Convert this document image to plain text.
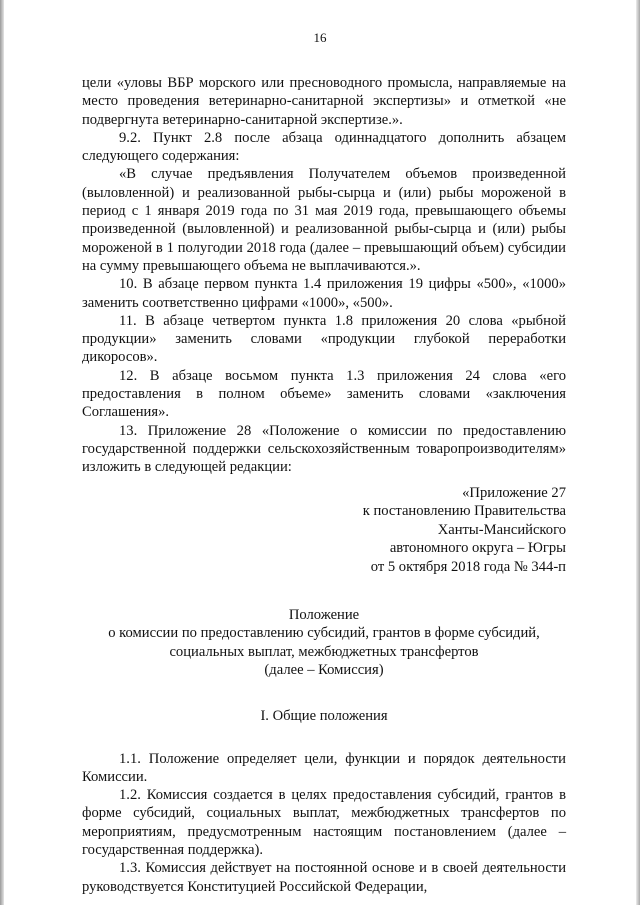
16

цели «уловы ВБР морского или пресноводного промысла, направляемые на место проведения ветеринарно-санитарной экспертизы» и отметкой «не подвергнута ветеринарно-санитарной экспертизе.».

9.2. Пункт 2.8 после абзаца одиннадцатого дополнить абзацем следующего содержания:

«В случае предъявления Получателем объемов произведенной (выловленной) и реализованной рыбы-сырца и (или) рыбы мороженой в период с 1 января 2019 года по 31 мая 2019 года, превышающего объемы произведенной (выловленной) и реализованной рыбы-сырца и (или) рыбы мороженой в 1 полугодии 2018 года (далее – превышающий объем) субсидии на сумму превышающего объема не выплачиваются.».

10. В абзаце первом пункта 1.4 приложения 19 цифры «500», «1000» заменить соответственно цифрами «1000», «500».

11. В абзаце четвертом пункта 1.8 приложения 20 слова «рыбной продукции» заменить словами «продукции глубокой переработки дикоросов».

12. В абзаце восьмом пункта 1.3 приложения 24 слова «его предоставления в полном объеме» заменить словами «заключения Соглашения».

13. Приложение 28 «Положение о комиссии по предоставлению государственной поддержки сельскохозяйственным товаропроизводителям» изложить в следующей редакции:

«Приложение 27
к постановлению Правительства
Ханты-Мансийского
автономного округа – Югры
от 5 октября 2018 года № 344-п
Положение
о комиссии по предоставлению субсидий, грантов в форме субсидий,
социальных выплат, межбюджетных трансфертов
(далее – Комиссия)
I. Общие положения

1.1. Положение определяет цели, функции и порядок деятельности Комиссии.

1.2. Комиссия создается в целях предоставления субсидий, грантов в форме субсидий, социальных выплат, межбюджетных трансфертов по мероприятиям, предусмотренным настоящим постановлением (далее – государственная поддержка).

1.3. Комиссия действует на постоянной основе и в своей деятельности руководствуется Конституцией Российской Федерации,
